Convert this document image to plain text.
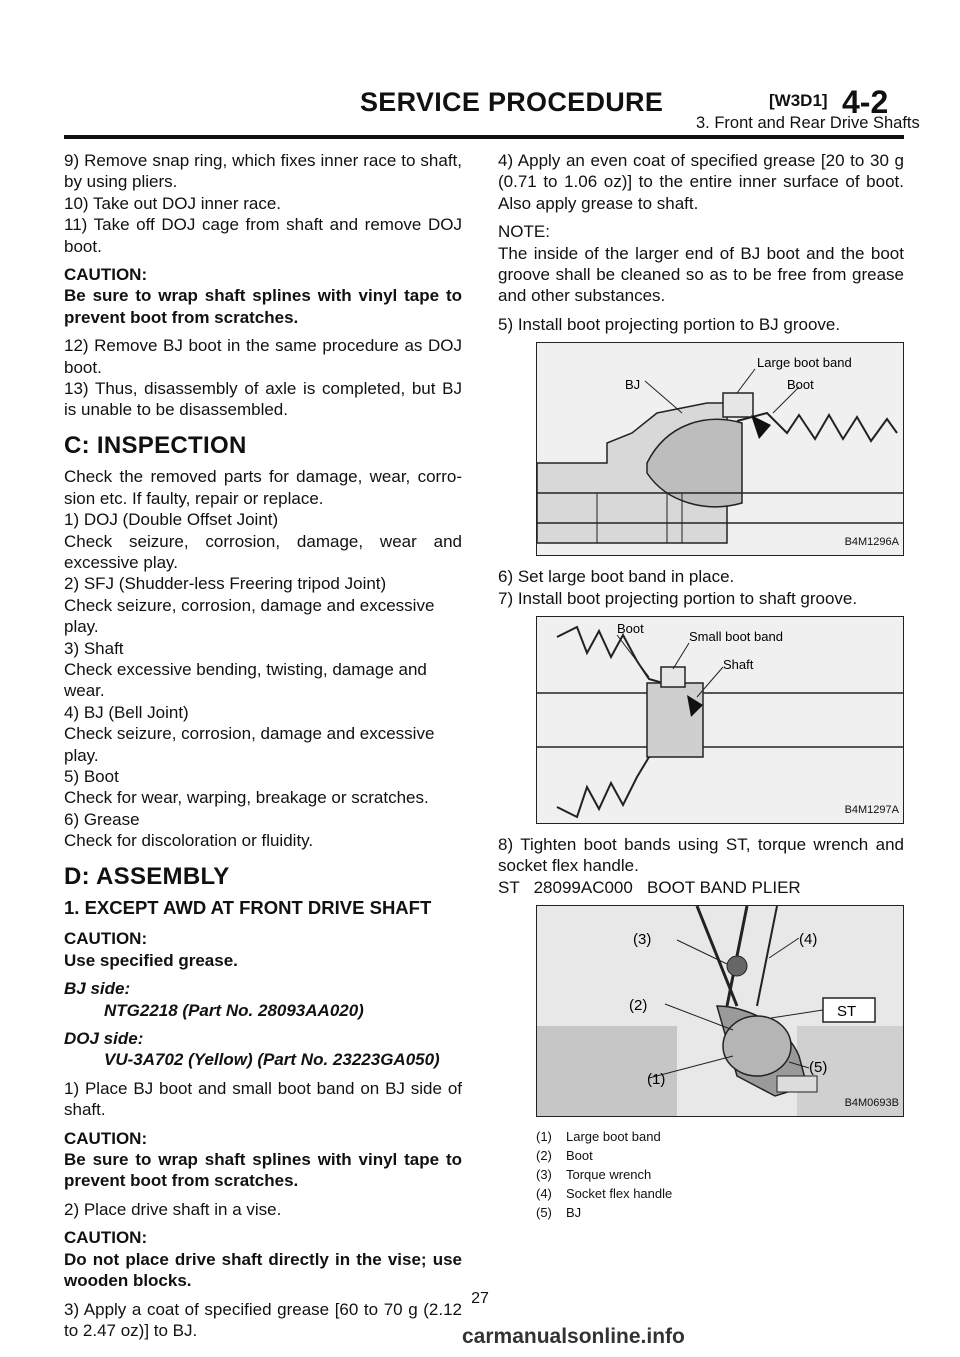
SERVICE PROCEDURE	[W3D1] 4-2
3. Front and Rear Drive Shafts

9) Remove snap ring, which fixes inner race to shaft, by using pliers.

10) Take out DOJ inner race.

11) Take off DOJ cage from shaft and remove DOJ boot.

CAUTION:
Be sure to wrap shaft splines with vinyl tape to prevent boot from scratches.

12) Remove BJ boot in the same procedure as DOJ boot.

13) Thus, disassembly of axle is completed, but BJ is unable to be disassembled.

C: INSPECTION

Check the removed parts for damage, wear, corro-sion etc. If faulty, repair or replace.

1) DOJ (Double Offset Joint)
Check seizure, corrosion, damage, wear and excessive play.
2) SFJ (Shudder-less Freering tripod Joint)
Check seizure, corrosion, damage and excessive play.
3) Shaft
Check excessive bending, twisting, damage and wear.
4) BJ (Bell Joint)
Check seizure, corrosion, damage and excessive play.
5) Boot
Check for wear, warping, breakage or scratches.
6) Grease
Check for discoloration or fluidity.
D: ASSEMBLY
1. EXCEPT AWD AT FRONT DRIVE SHAFT
CAUTION:
Use specified grease.
BJ side:
NTG2218 (Part No. 28093AA020)
DOJ side:
VU-3A702 (Yellow) (Part No. 23223GA050)

1) Place BJ boot and small boot band on BJ side of shaft.

CAUTION:
Be sure to wrap shaft splines with vinyl tape to prevent boot from scratches.

2) Place drive shaft in a vise.

CAUTION:
Do not place drive shaft directly in the vise; use wooden blocks.

3) Apply a coat of specified grease [60 to 70 g (2.12 to 2.47 oz)] to BJ.

4) Apply an even coat of specified grease [20 to 30 g (0.71 to 1.06 oz)] to the entire inner surface of boot. Also apply grease to shaft.

NOTE:
The inside of the larger end of BJ boot and the boot groove shall be cleaned so as to be free from grease and other substances.

5) Install boot projecting portion to BJ groove.

BJ
Large boot band
Boot
B4M1296A

6) Set large boot band in place.

7) Install boot projecting portion to shaft groove.

Boot
Small boot band
Shaft
B4M1297A

8) Tighten boot bands using ST, torque wrench and socket flex handle.

ST   28099AC000   BOOT BAND PLIER

(3)	(4)
(2)	ST
(5)
(1)
B4M0693B
(1) Large boot band
(2) Boot
(3) Torque wrench
(4) Socket flex handle
(5) BJ
27
carmanualsonline.info
